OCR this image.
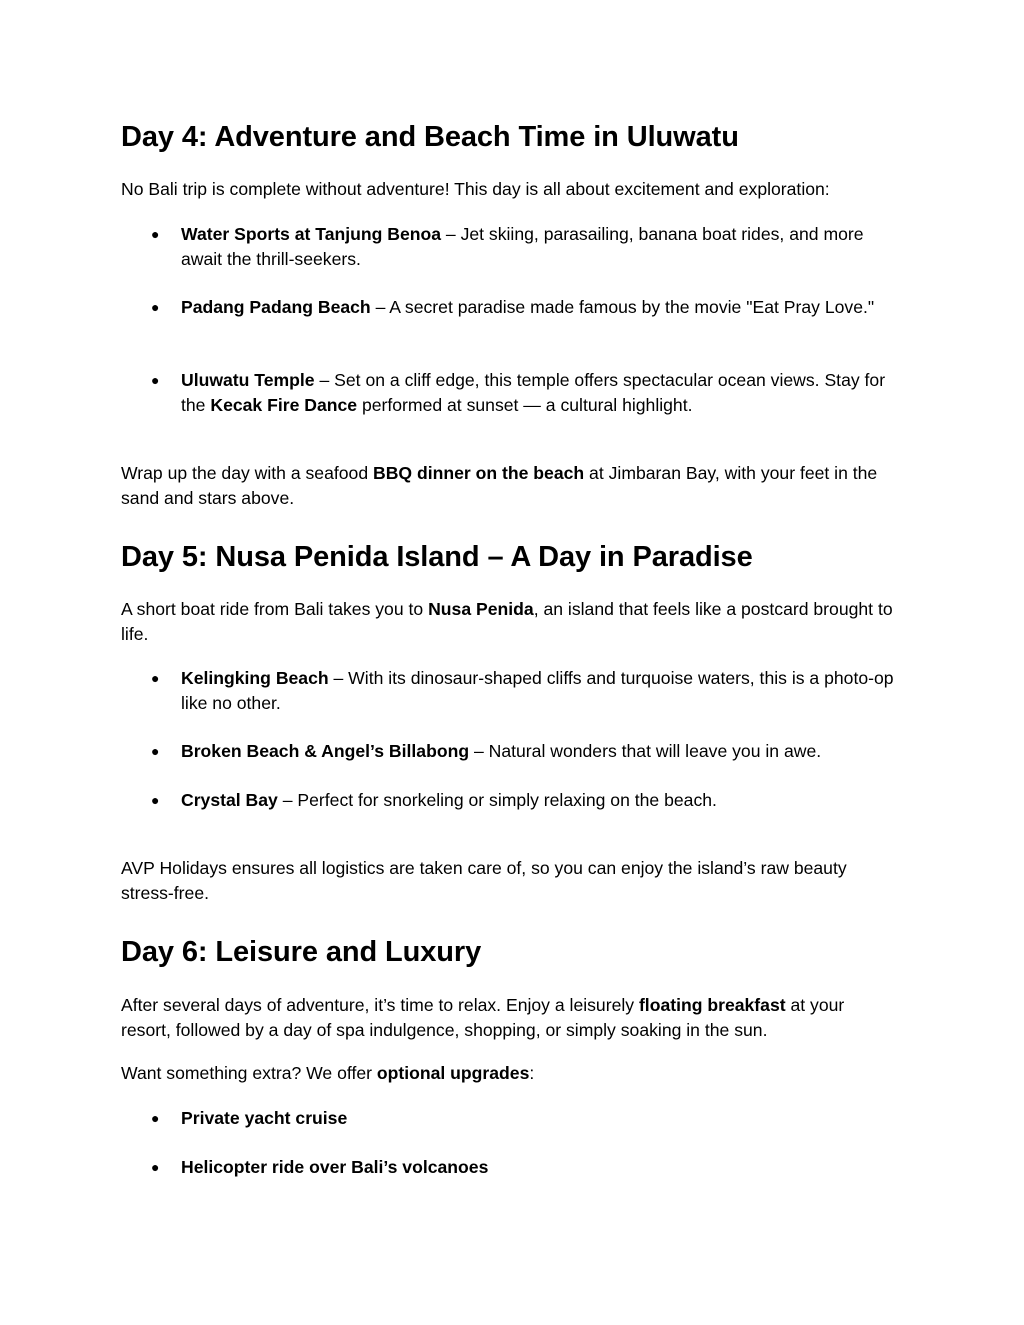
Day 4: Adventure and Beach Time in Uluwatu

No Bali trip is complete without adventure! This day is all about excitement and exploration:

●	Water Sports at Tanjung Benoa – Jet skiing, parasailing, banana boat rides, and more await the thrill-seekers.
●	Padang Padang Beach – A secret paradise made famous by the movie "Eat Pray Love."
●	Uluwatu Temple – Set on a cliff edge, this temple offers spectacular ocean views. Stay for the Kecak Fire Dance performed at sunset — a cultural highlight.

Wrap up the day with a seafood BBQ dinner on the beach at Jimbaran Bay, with your feet in the sand and stars above.

Day 5: Nusa Penida Island – A Day in Paradise

A short boat ride from Bali takes you to Nusa Penida, an island that feels like a postcard brought to life.

●	Kelingking Beach – With its dinosaur-shaped cliffs and turquoise waters, this is a photo-op like no other.
●	Broken Beach & Angel’s Billabong – Natural wonders that will leave you in awe.
●	Crystal Bay – Perfect for snorkeling or simply relaxing on the beach.

AVP Holidays ensures all logistics are taken care of, so you can enjoy the island’s raw beauty stress-free.

Day 6: Leisure and Luxury

After several days of adventure, it’s time to relax. Enjoy a leisurely floating breakfast at your resort, followed by a day of spa indulgence, shopping, or simply soaking in the sun.

Want something extra? We offer optional upgrades:

●	Private yacht cruise
●	Helicopter ride over Bali’s volcanoes
